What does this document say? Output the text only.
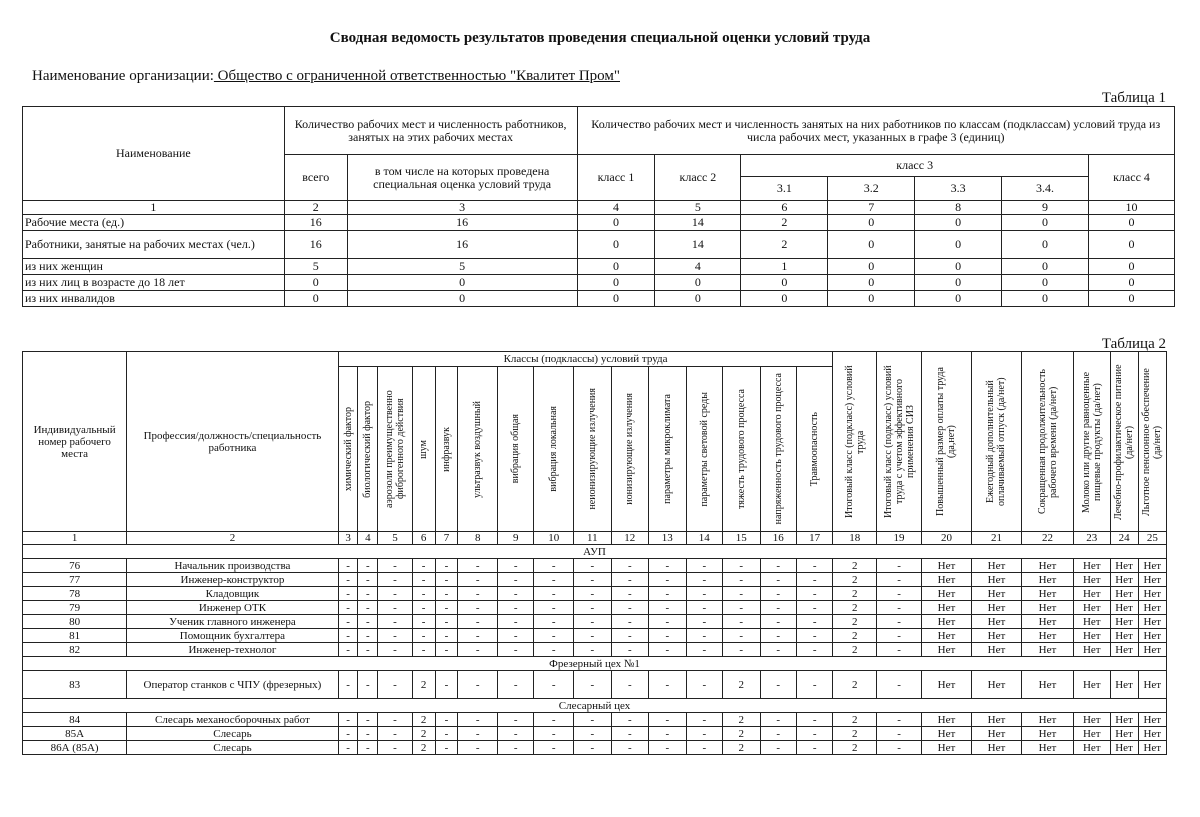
Сводная ведомость результатов проведения специальной оценки условий труда
Наименование организации: Общество с ограниченной ответственностью "Квалитет Пром"
Таблица 1
Наименование	Количество рабочих мест и численность работников, занятых на этих рабочих местах		Количество рабочих мест и численность занятых на них работников по классам (подклассам) условий труда из числа рабочих мест, указанных в графе 3 (единиц)						
	всего	в том числе на которых проведена специальная оценка условий труда	класс 1	класс 2	класс 3				класс 4
					3.1	3.2	3.3	3.4.	
1	2	3	4	5	6	7	8	9	10
Рабочие места (ед.)	16	16	0	14	2	0	0	0	0
Работники, занятые на рабочих местах (чел.)	16	16	0	14	2	0	0	0	0
из них женщин	5	5	0	4	1	0	0	0	0
из них лиц в возрасте до 18 лет	0	0	0	0	0	0	0	0	0
из них инвалидов	0	0	0	0	0	0	0	0	0
Таблица 2
Индивидуальный номер рабочего места	Профессия/должность/специальность работника	Классы (подклассы) условий труда															Итоговый класс (подкласс) условий труда	Итоговый класс (подкласс) условий труда с учетом эффективного применения СИЗ	Повышенный размер оплаты труда (да,нет)	Ежегодный дополнительный оплачиваемый отпуск (да/нет)	Сокращенная продолжительность рабочего времени (да/нет)	Молоко или другие равноценные пищевые продукты (да/нет)	Лечебно-профилактическое питание (да/нет)	Льготное пенсионное обеспечение (да/нет)

		химический фактор	биологический фактор	аэрозоли преимущественно фиброгенного действия	шум	инфразвук	ультразвук воздушный	вибрация общая	вибрация локальная	неионизирующие излучения	ионизирующие излучения	параметры микроклимата	параметры световой среды	тяжесть трудового процесса	напряженность трудового процесса	Травмоопасность								

1	2	3	4	5	6	7	8	9	10	11	12	13	14	15	16	17	18	19	20	21	22	23	24	25
АУП																								
76	Начальник производства	-	-	-	-	-	-	-	-	-	-	-	-	-	-	-	2	-	Нет	Нет	Нет	Нет	Нет	Нет
77	Инженер-конструктор	-	-	-	-	-	-	-	-	-	-	-	-	-	-	-	2	-	Нет	Нет	Нет	Нет	Нет	Нет
78	Кладовщик	-	-	-	-	-	-	-	-	-	-	-	-	-	-	-	2	-	Нет	Нет	Нет	Нет	Нет	Нет
79	Инженер ОТК	-	-	-	-	-	-	-	-	-	-	-	-	-	-	-	2	-	Нет	Нет	Нет	Нет	Нет	Нет
80	Ученик главного инженера	-	-	-	-	-	-	-	-	-	-	-	-	-	-	-	2	-	Нет	Нет	Нет	Нет	Нет	Нет
81	Помощник бухгалтера	-	-	-	-	-	-	-	-	-	-	-	-	-	-	-	2	-	Нет	Нет	Нет	Нет	Нет	Нет
82	Инженер-технолог	-	-	-	-	-	-	-	-	-	-	-	-	-	-	-	2	-	Нет	Нет	Нет	Нет	Нет	Нет
Фрезерный цех №1																								
83	Оператор станков с ЧПУ (фрезерных)	-	-	-	2	-	-	-	-	-	-	-	-	2	-	-	2	-	Нет	Нет	Нет	Нет	Нет	Нет
Слесарный цех																								
84	Слесарь механосборочных работ	-	-	-	2	-	-	-	-	-	-	-	-	2	-	-	2	-	Нет	Нет	Нет	Нет	Нет	Нет
85А	Слесарь	-	-	-	2	-	-	-	-	-	-	-	-	2	-	-	2	-	Нет	Нет	Нет	Нет	Нет	Нет
86А (85А)	Слесарь	-	-	-	2	-	-	-	-	-	-	-	-	2	-	-	2	-	Нет	Нет	Нет	Нет	Нет	Нет
